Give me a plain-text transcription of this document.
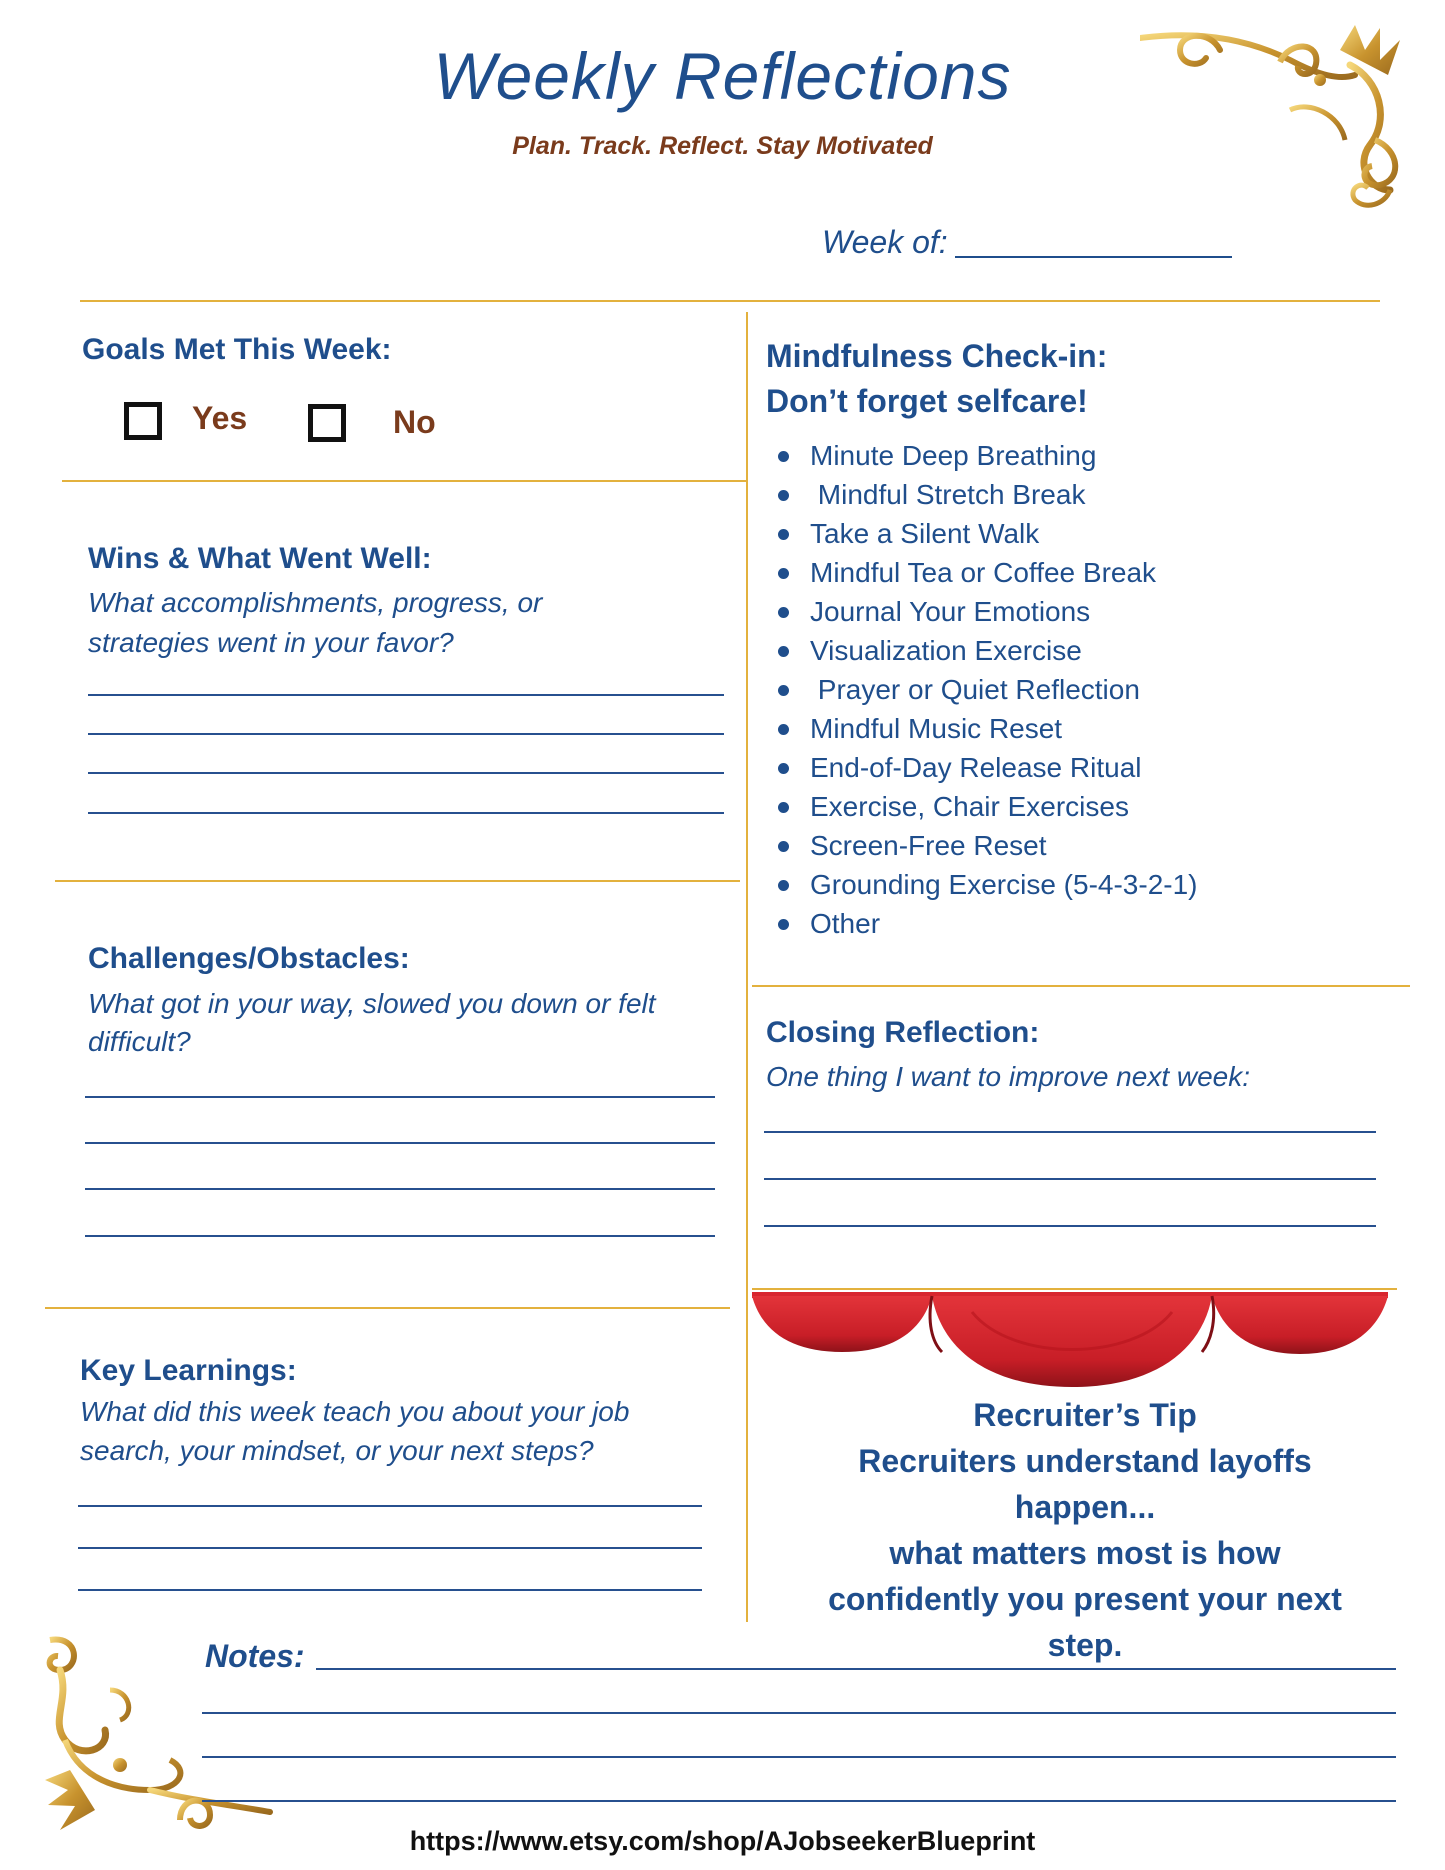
Weekly Reflections
Plan. Track. Reflect. Stay Motivated
Week of:
Goals Met This Week:
Yes	No
Wins & What Went Well:
What accomplishments, progress, or
strategies went in your favor?
Challenges/Obstacles:
What got in your way, slowed you down or felt
difficult?
Key Learnings:
What did this week teach you about your job
search, your mindset, or your next steps?
Mindfulness Check-in:
Don’t forget selfcare!
Minute Deep Breathing
Mindful Stretch Break
Take a Silent Walk
Mindful Tea or Coffee Break
Journal Your Emotions
Visualization Exercise
Prayer or Quiet Reflection
Mindful Music Reset
End-of-Day Release Ritual
Exercise, Chair Exercises
Screen-Free Reset
Grounding Exercise (5-4-3-2-1)
Other
Closing Reflection:
One thing I want to improve next week:
Recruiter’s Tip
Recruiters understand layoffs
happen...
what matters most is how
confidently you present your next
step.
Notes:
https://www.etsy.com/shop/AJobseekerBlueprint
